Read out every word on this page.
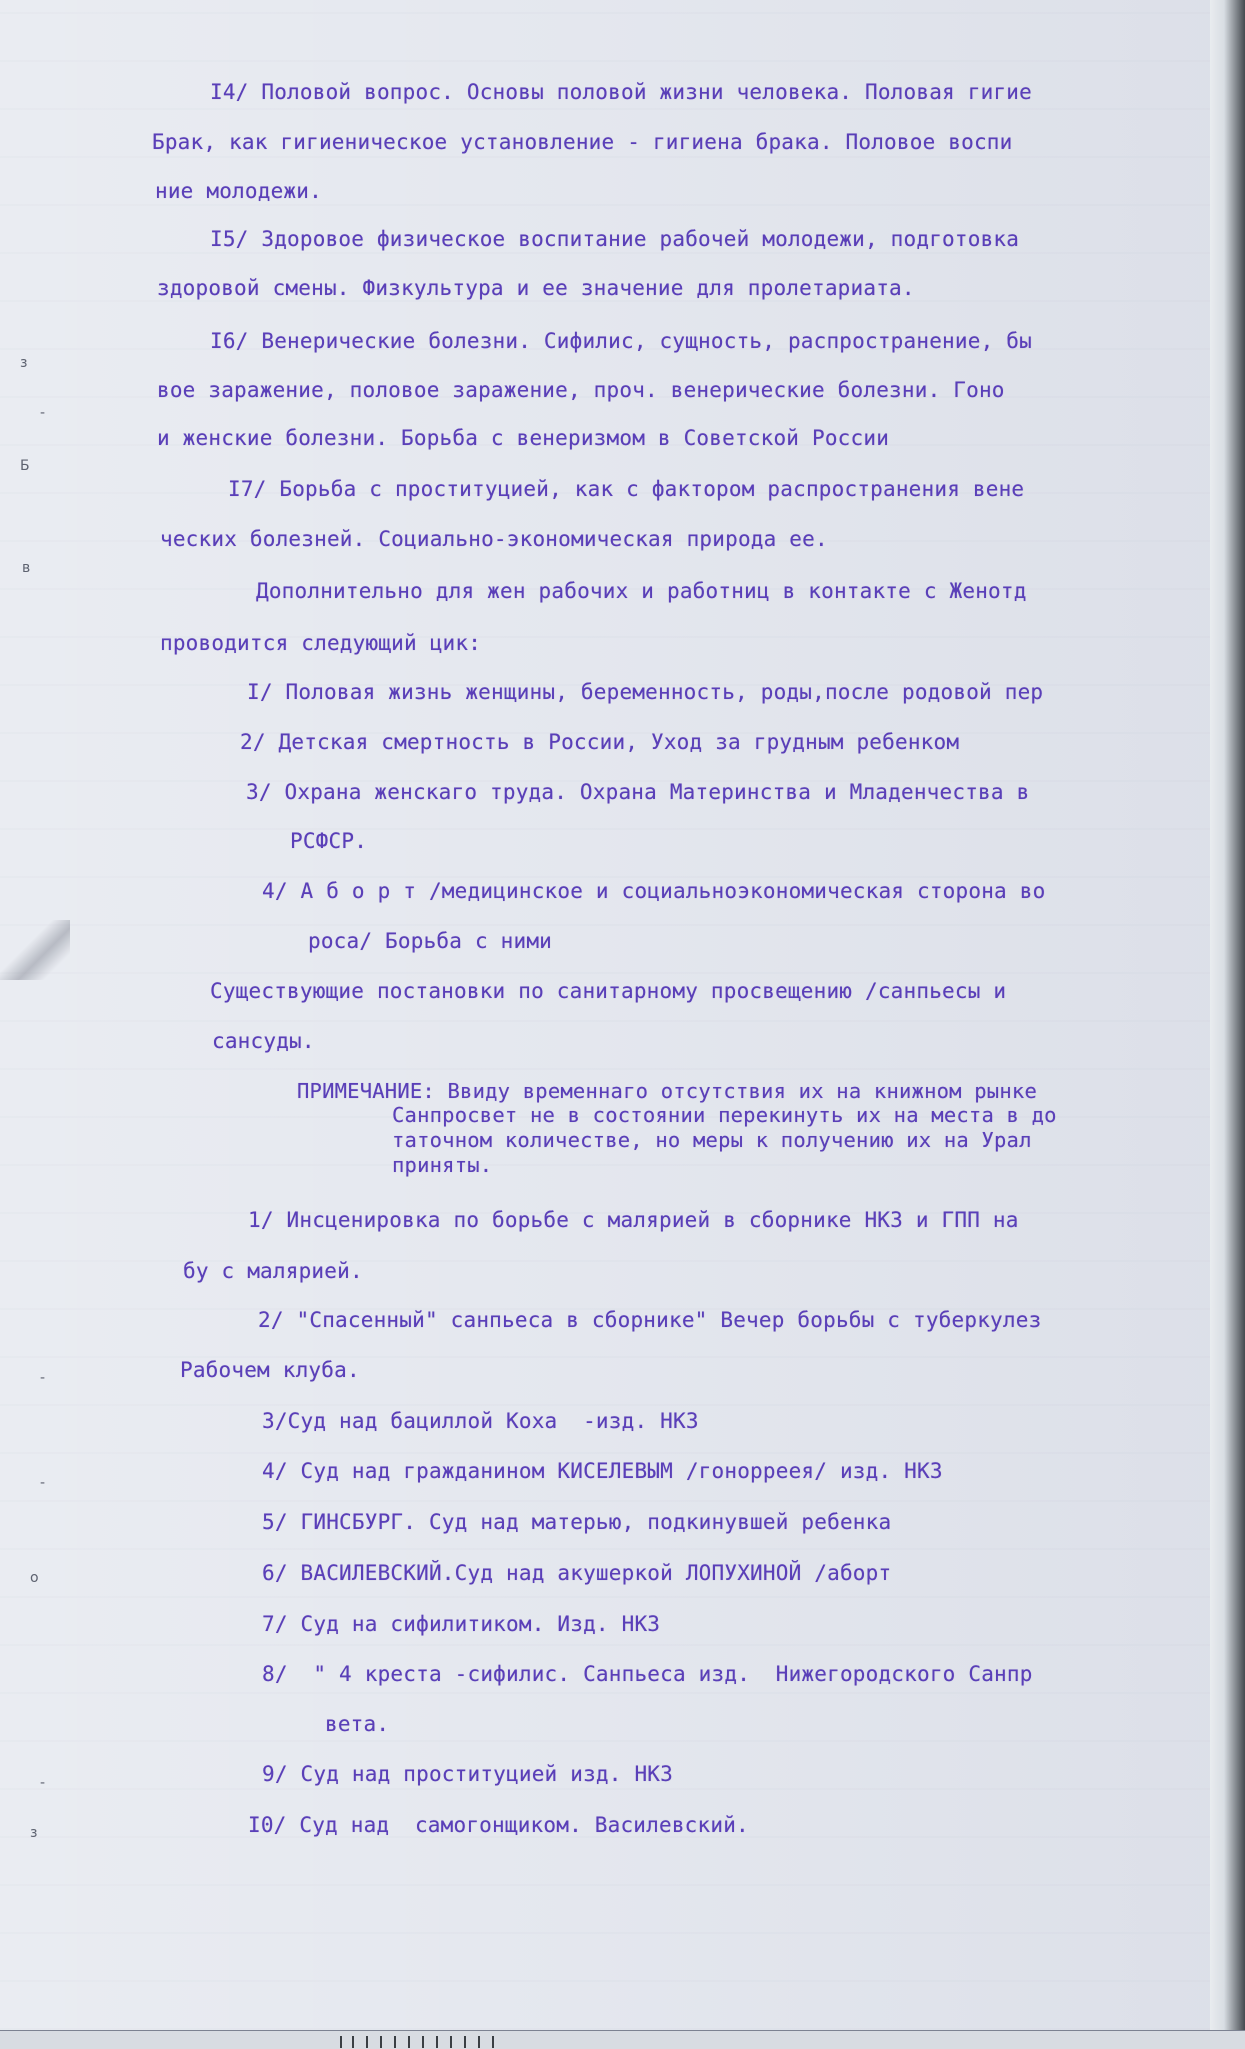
I4/ Половой вопрос. Основы половой жизни человека. Половая гигие
Брак, как гигиеническое установление - гигиена брака. Половое воспи
ние молодежи.
I5/ Здоровое физическое воспитание рабочей молодежи, подготовка
здоровой смены. Физкультура и ее значение для пролетариата.
I6/ Венерические болезни. Сифилис, сущность, распространение, бы
вое заражение, половое заражение, проч. венерические болезни. Гоно
и женские болезни. Борьба с венеризмом в Советской России
I7/ Борьба с проституцией, как с фактором распространения вене
ческих болезней. Социально-экономическая природа ее.
Дополнительно для жен рабочих и работниц в контакте с Женотд
проводится следующий цик:
I/ Половая жизнь женщины, беременность, роды,после родовой пер
2/ Детская смертность в России, Уход за грудным ребенком
3/ Охрана женскаго труда. Охрана Материнства и Младенчества в
РСФСР.
4/ А б о р т /медицинское и социальноэкономическая сторона во
роса/ Борьба с ними
Существующие постановки по санитарному просвещению /санпьесы и
сансуды.
1/ Инсценировка по борьбе с малярией в сборнике НКЗ и ГПП на
бу с малярией.
2/ "Спасенный" санпьеса в сборнике" Вечер борьбы с туберкулез
Рабочем клуба.
3/Суд над бациллой Коха  -изд. НКЗ
4/ Суд над гражданином КИСЕЛЕВЫМ /гонорреея/ изд. НКЗ
5/ ГИНСБУРГ. Суд над матерью, подкинувшей ребенка
6/ ВАСИЛЕВСКИЙ.Суд над акушеркой ЛОПУХИНОЙ /аборт
7/ Суд на сифилитиком. Изд. НКЗ
8/  " 4 креста -сифилис. Санпьеса изд.  Нижегородского Санпр
вета.
9/ Суд над проституцией изд. НКЗ
I0/ Суд над  самогонщиком. Василевский.
ПРИМЕЧАНИЕ: Ввиду временнаго отсутствия их на книжном рынке
Санпросвет не в состоянии перекинуть их на места в до
таточном количестве, но меры к получению их на Урал
приняты.
з
-
Б
в
-
-
о
-
з
